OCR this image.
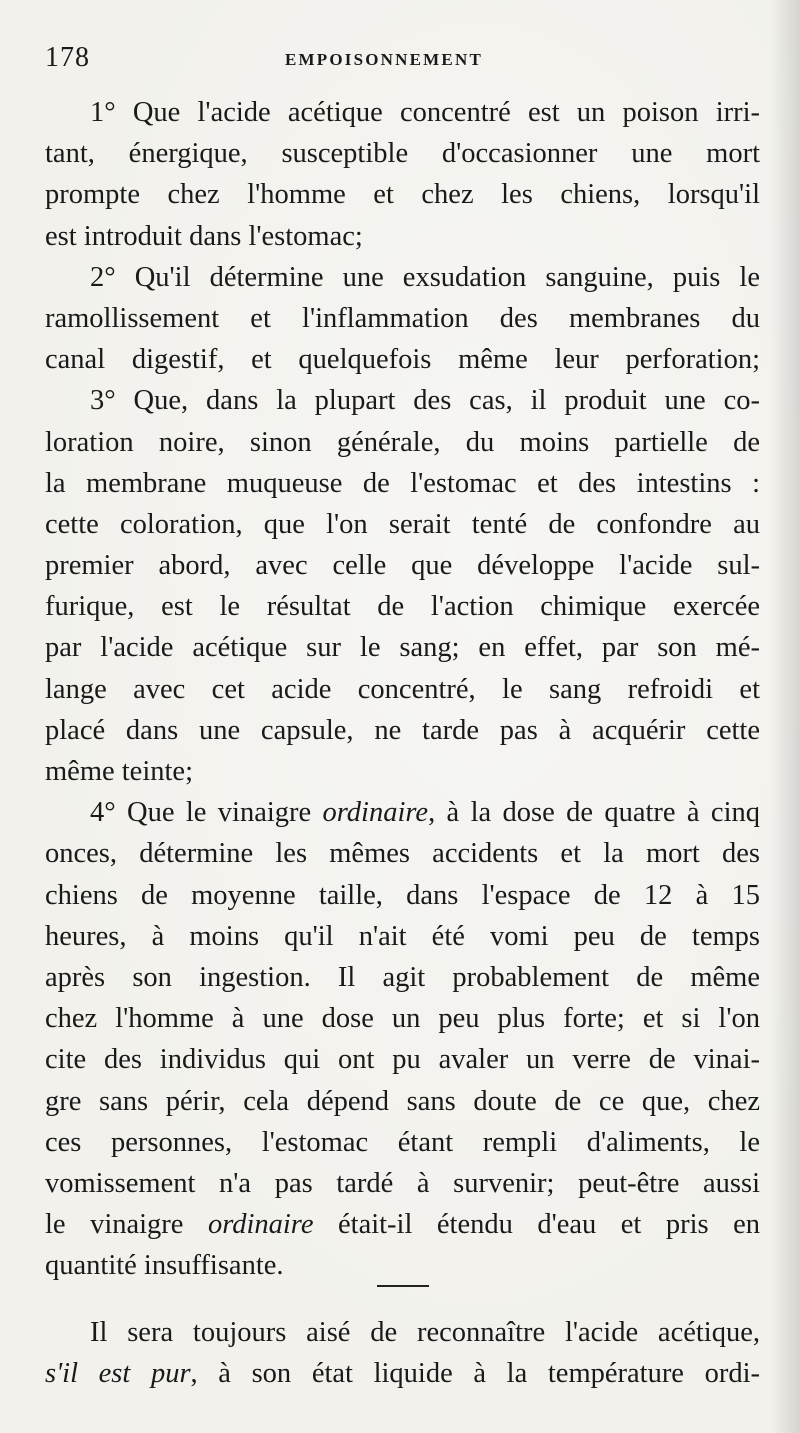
178	EMPOISONNEMENT
1° Que l'acide acétique concentré est un poison irri-
tant, énergique, susceptible d'occasionner une mort
prompte chez l'homme et chez les chiens, lorsqu'il
est introduit dans l'estomac;
2° Qu'il détermine une exsudation sanguine, puis le
ramollissement et l'inflammation des membranes du
canal digestif, et quelquefois même leur perforation;
3° Que, dans la plupart des cas, il produit une co-
loration noire, sinon générale, du moins partielle de
la membrane muqueuse de l'estomac et des intestins :
cette coloration, que l'on serait tenté de confondre au
premier abord, avec celle que développe l'acide sul-
furique, est le résultat de l'action chimique exercée
par l'acide acétique sur le sang; en effet, par son mé-
lange avec cet acide concentré, le sang refroidi et
placé dans une capsule, ne tarde pas à acquérir cette
même teinte;
4° Que le vinaigre ordinaire, à la dose de quatre à cinq
onces, détermine les mêmes accidents et la mort des
chiens de moyenne taille, dans l'espace de 12 à 15
heures, à moins qu'il n'ait été vomi peu de temps
après son ingestion. Il agit probablement de même
chez l'homme à une dose un peu plus forte; et si l'on
cite des individus qui ont pu avaler un verre de vinai-
gre sans périr, cela dépend sans doute de ce que, chez
ces personnes, l'estomac étant rempli d'aliments, le
vomissement n'a pas tardé à survenir; peut-être aussi
le vinaigre ordinaire était-il étendu d'eau et pris en
quantité insuffisante.
Il sera toujours aisé de reconnaître l'acide acétique,
s'il est pur, à son état liquide à la température ordi-
